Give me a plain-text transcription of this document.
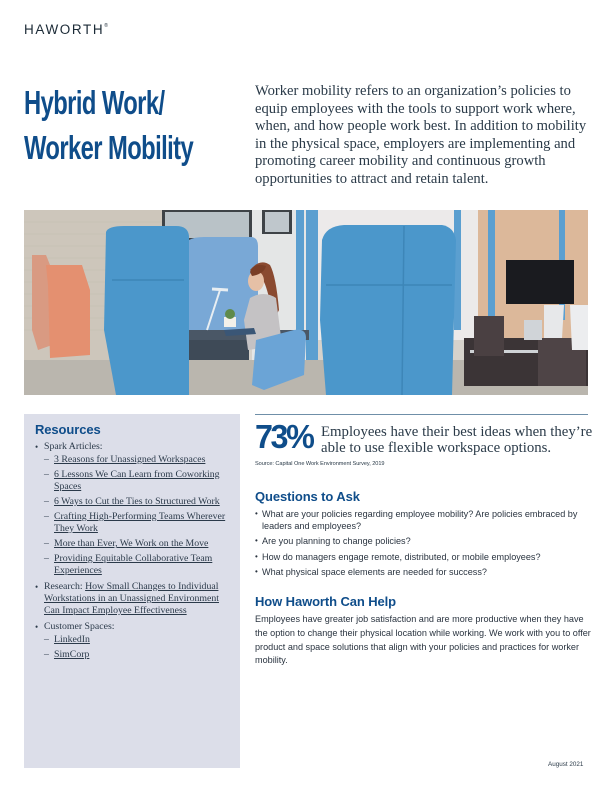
HAWORTH®
Hybrid Work/
Worker Mobility

Worker mobility refers to an organization’s policies to equip employees with the tools to support work where, when, and how people work best. In addition to mobility in the physical space, employers are implementing and promoting career mobility and continuous growth opportunities to attract and retain talent.

Resources
• Spark Articles:
– 3 Reasons for Unassigned Workspaces
– 6 Lessons We Can Learn from Coworking Spaces
– 6 Ways to Cut the Ties to Structured Work
– Crafting High-Performing Teams Wherever They Work
– More than Ever, We Work on the Move
– Providing Equitable Collaborative Team Experiences
• Research: How Small Changes to Individual Workstations in an Unassigned Environment Can Impact Employee Effectiveness
• Customer Spaces:
– LinkedIn
– SimCorp
73% Employees have their best ideas when they’re able to use flexible workspace options.
Source: Capital One Work Environment Survey, 2019
Questions to Ask
• What are your policies regarding employee mobility? Are policies embraced by leaders and employees?
• Are you planning to change policies?
• How do managers engage remote, distributed, or mobile employees?
• What physical space elements are needed for success?
How Haworth Can Help

Employees have greater job satisfaction and are more productive when they have the option to change their physical location while working. We work with you to offer product and space solutions that align with your policies and practices for worker mobility.

August 2021
